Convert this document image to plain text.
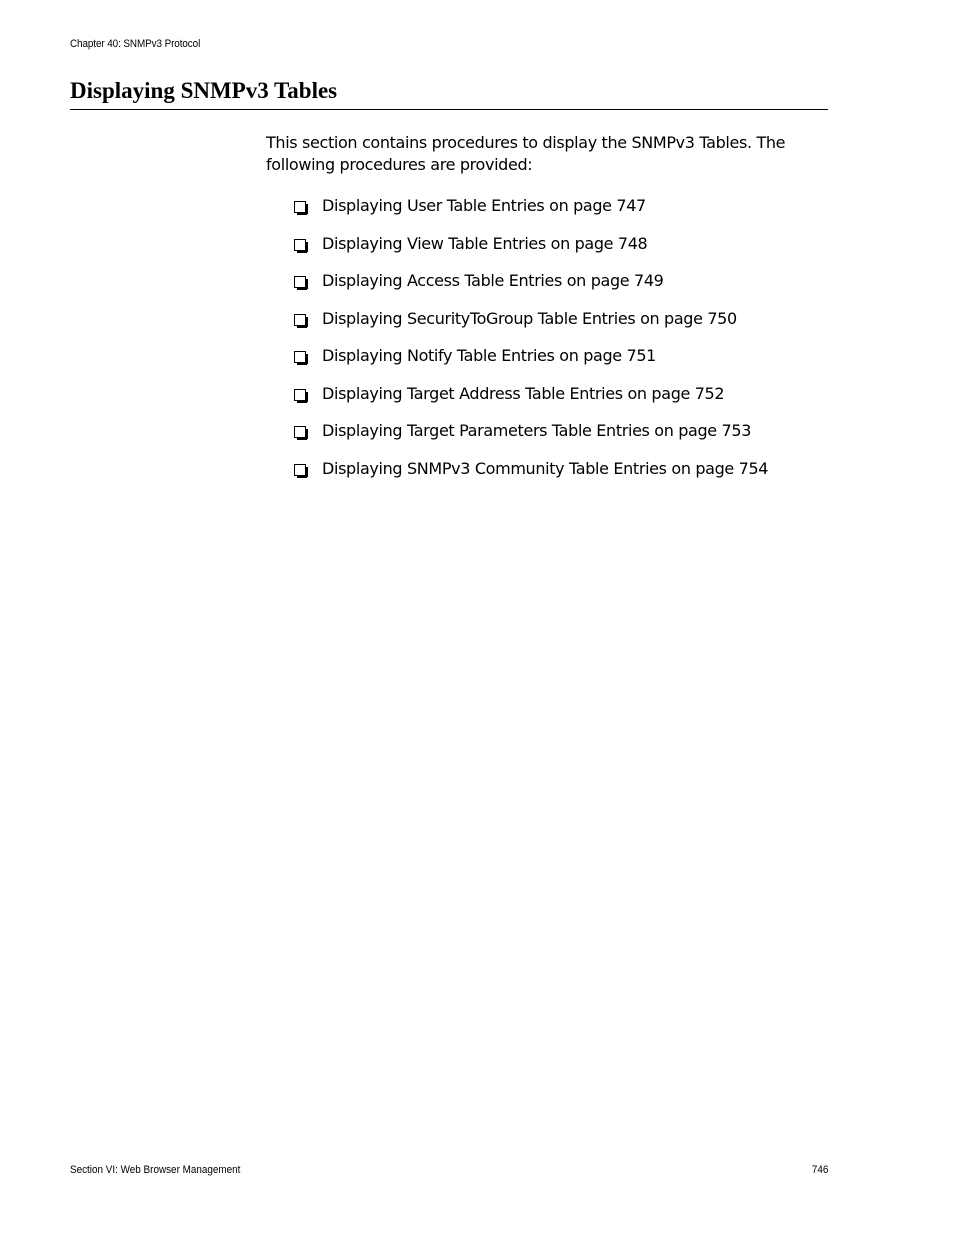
Chapter 40: SNMPv3 Protocol
Displaying SNMPv3 Tables

This section contains procedures to display the SNMPv3 Tables. The following procedures are provided:

Displaying User Table Entries on page 747
Displaying View Table Entries on page 748
Displaying Access Table Entries on page 749
Displaying SecurityToGroup Table Entries on page 750
Displaying Notify Table Entries on page 751
Displaying Target Address Table Entries on page 752
Displaying Target Parameters Table Entries on page 753
Displaying SNMPv3 Community Table Entries on page 754
Section VI: Web Browser Management	746
